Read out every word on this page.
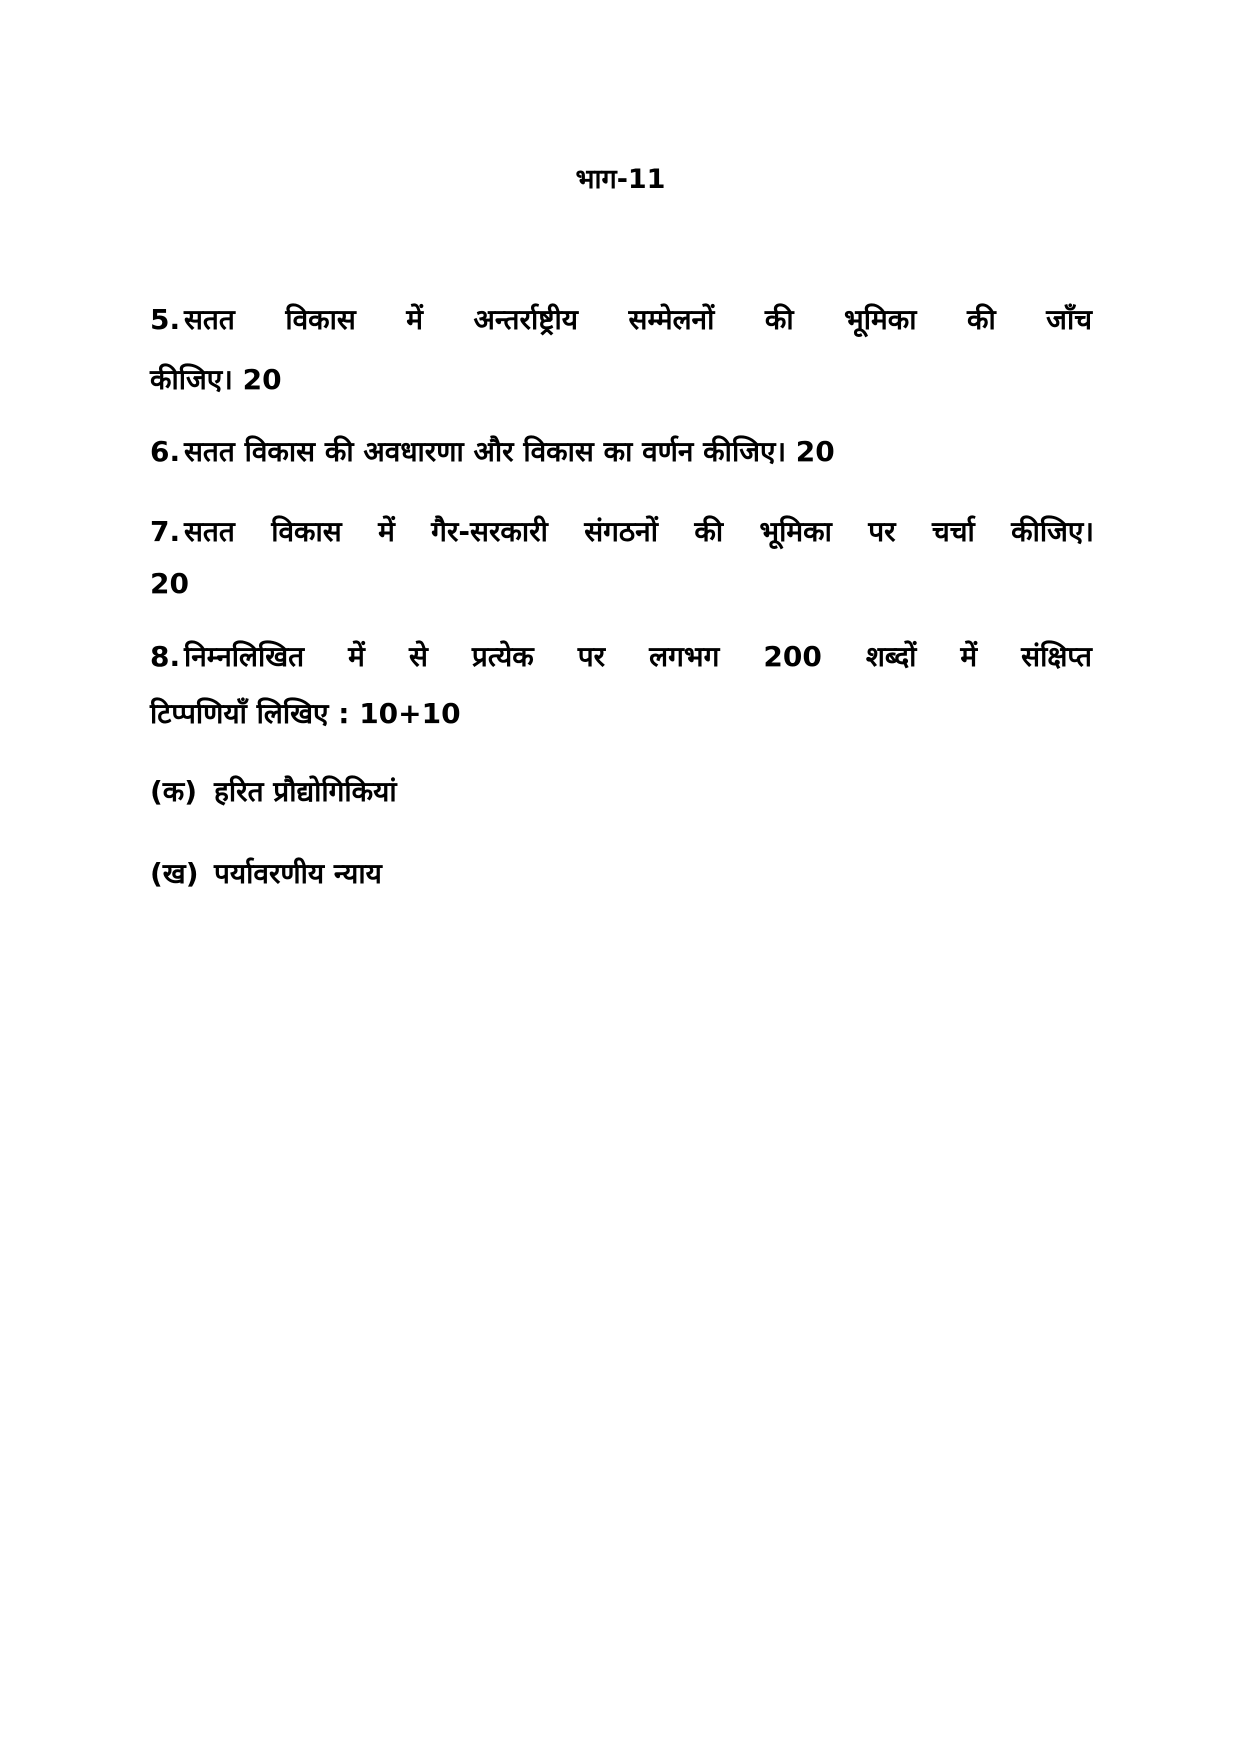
भाग-11
5. सतत विकास में अन्तर्राष्ट्रीय सम्मेलनों की भूमिका की जाँच
कीजिए। 20
6. सतत विकास की अवधारणा और विकास का वर्णन कीजिए। 20
7. सतत विकास में गैर-सरकारी संगठनों की भूमिका पर चर्चा कीजिए।
20
8. निम्नलिखित में से प्रत्येक पर लगभग 200 शब्दों में संक्षिप्त
टिप्पणियाँ लिखिए : 10+10
(क) हरित प्रौद्योगिकियां
(ख) पर्यावरणीय न्याय
